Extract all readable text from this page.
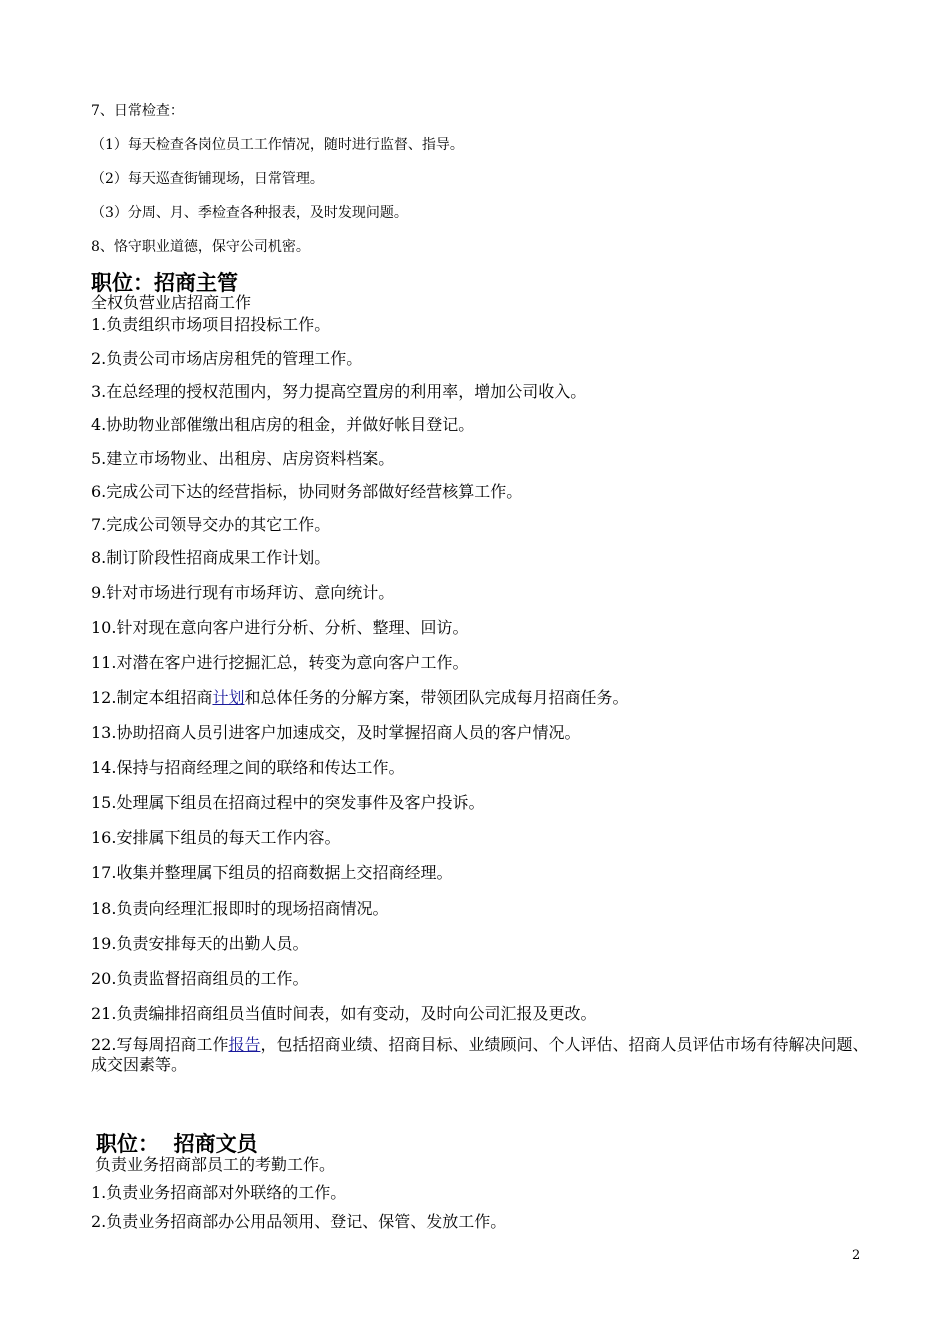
7、日常检查：
（1）每天检查各岗位员工工作情况，随时进行监督、指导。
（2）每天巡查街铺现场，日常管理。
（3）分周、月、季检查各种报表，及时发现问题。
8、恪守职业道德，保守公司机密。
职位：招商主管
全权负营业店招商工作
1.负责组织市场项目招投标工作。
2.负责公司市场店房租凭的管理工作。
3.在总经理的授权范围内，努力提高空置房的利用率，增加公司收入。
4.协助物业部催缴出租店房的租金，并做好帐目登记。
5.建立市场物业、出租房、店房资料档案。
6.完成公司下达的经营指标，协同财务部做好经营核算工作。
7.完成公司领导交办的其它工作。
8.制订阶段性招商成果工作计划。
9.针对市场进行现有市场拜访、意向统计。
10.针对现在意向客户进行分析、分析、整理、回访。
11.对潜在客户进行挖掘汇总，转变为意向客户工作。
12.制定本组招商计划和总体任务的分解方案，带领团队完成每月招商任务。
13.协助招商人员引进客户加速成交，及时掌握招商人员的客户情况。
14.保持与招商经理之间的联络和传达工作。
15.处理属下组员在招商过程中的突发事件及客户投诉。
16.安排属下组员的每天工作内容。
17.收集并整理属下组员的招商数据上交招商经理。
18.负责向经理汇报即时的现场招商情况。
19.负责安排每天的出勤人员。
20.负责监督招商组员的工作。
21.负责编排招商组员当值时间表，如有变动，及时向公司汇报及更改。
22.写每周招商工作报告，包括招商业绩、招商目标、业绩顾问、个人评估、招商人员评估市场有待解决问题、成交因素等。
职位：  招商文员
负责业务招商部员工的考勤工作。
1.负责业务招商部对外联络的工作。
2.负责业务招商部办公用品领用、登记、保管、发放工作。
2
